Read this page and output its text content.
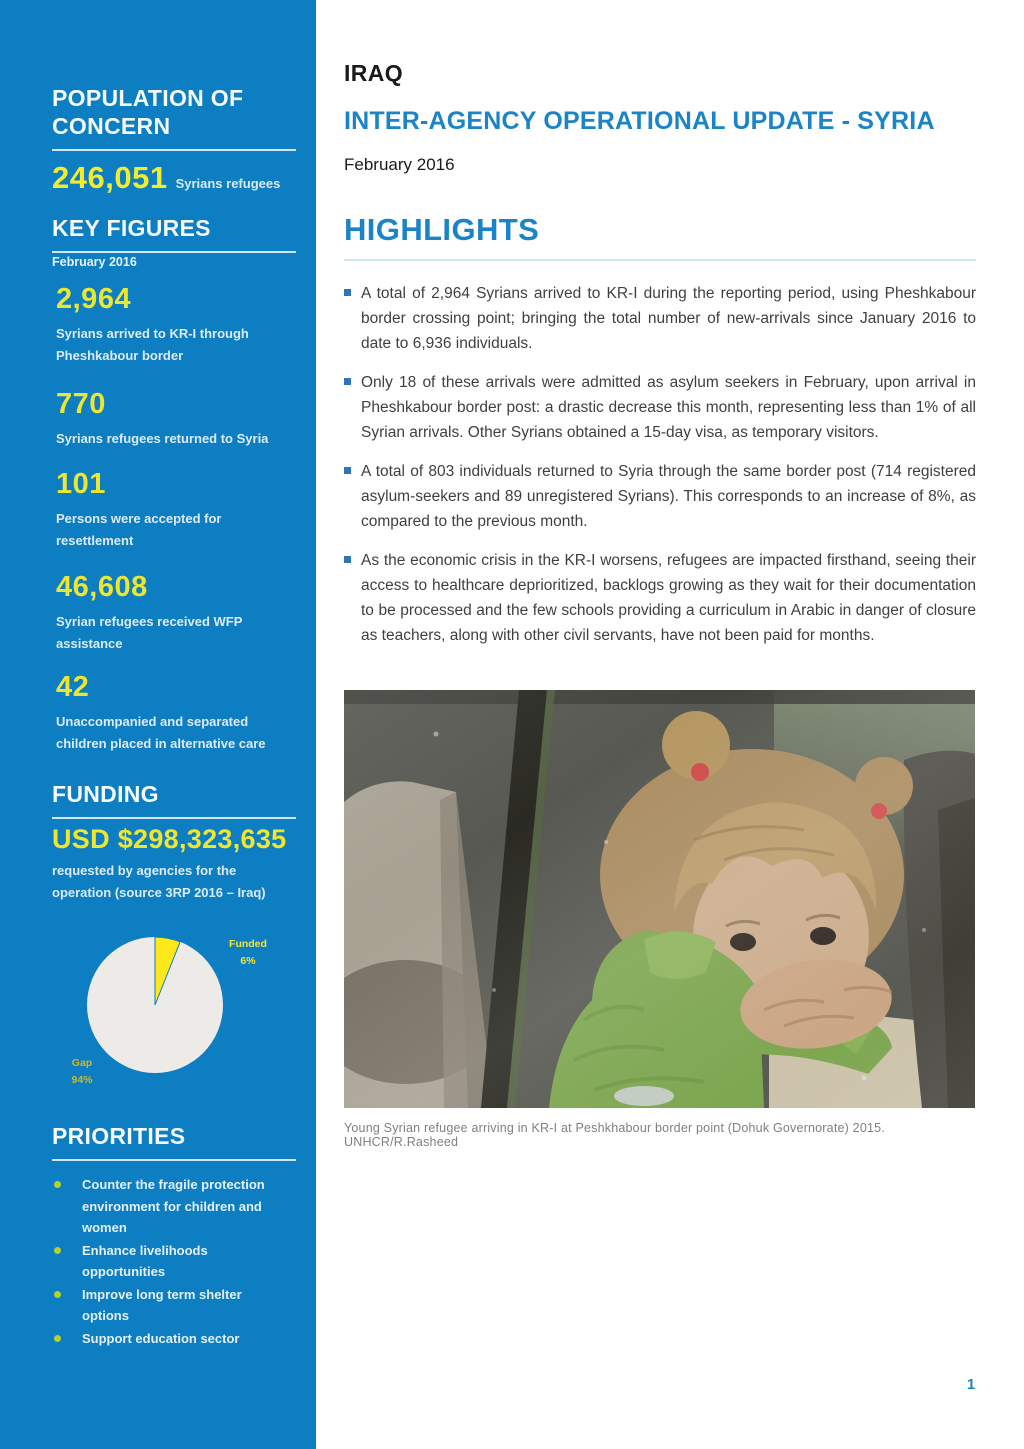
POPULATION OF CONCERN
246,051 Syrians refugees
KEY FIGURES
February 2016
2,964
Syrians arrived to KR-I through Pheshkabour border
770
Syrians refugees returned to Syria
101
Persons were accepted for resettlement
46,608
Syrian refugees received WFP assistance
42
Unaccompanied and separated children placed in alternative care
FUNDING
USD $298,323,635
requested by agencies for the operation (source 3RP 2016 – Iraq)
Funded
6%
Gap
94%
PRIORITIES
Counter the fragile protection environment for children and women
Enhance livelihoods opportunities
Improve long term shelter options
Support education sector
IRAQ
INTER-AGENCY OPERATIONAL UPDATE - SYRIA
February 2016
HIGHLIGHTS
A total of 2,964 Syrians arrived to KR-I during the reporting period, using Pheshkabour border crossing point; bringing the total number of new-arrivals since January 2016 to date to 6,936 individuals.
Only 18 of these arrivals were admitted as asylum seekers in February, upon arrival in Pheshkabour border post: a drastic decrease this month, representing less than 1% of all Syrian arrivals. Other Syrians obtained a 15-day visa, as temporary visitors.
A total of 803 individuals returned to Syria through the same border post (714 registered asylum-seekers and 89 unregistered Syrians). This corresponds to an increase of 8%, as compared to the previous month.
As the economic crisis in the KR-I worsens, refugees are impacted firsthand, seeing their access to healthcare deprioritized, backlogs growing as they wait for their documentation to be processed and the few schools providing a curriculum in Arabic in danger of closure as teachers, along with other civil servants, have not been paid for months.
Young Syrian refugee arriving in KR-I at Peshkhabour border point (Dohuk Governorate) 2015. UNHCR/R.Rasheed
1
